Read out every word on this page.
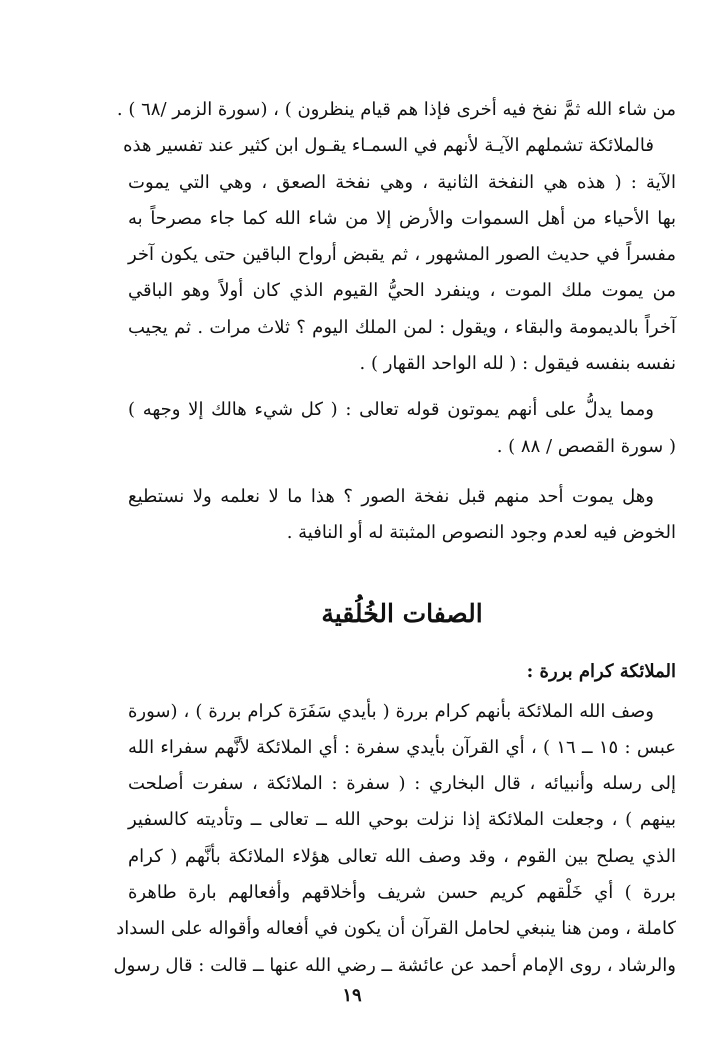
من شاء الله ثمَّ نفخ فيه أخرى فإذا هم قيام ينظرون ) ، (سورة الزمر /٦٨ ) .
فالملائكة تشملهم الآيـة لأنهم في السمـاء يقـول ابن كثير عند تفسير هذه
الآية : ( هذه هي النفخة الثانية ، وهي نفخة الصعق ، وهي التي يموت
بها الأحياء من أهل السموات والأرض إلا من شاء الله كما جاء مصرحاً به
مفسراً في حديث الصور المشهور ، ثم يقبض أرواح الباقين حتى يكون آخر
من يموت ملك الموت ، وينفرد الحيُّ القيوم الذي كان أولاً وهو الباقي
آخراً بالديمومة والبقاء ، ويقول : لمن الملك اليوم ؟ ثلاث مرات . ثم يجيب
نفسه بنفسه فيقول : ( لله الواحد القهار ) .
ومما يدلُّ على أنهم يموتون قوله تعالى : ( كل شيء هالك إلا وجهه )
( سورة القصص / ٨٨ ) .
وهل يموت أحد منهم قبل نفخة الصور ؟ هذا ما لا نعلمه ولا نستطيع
الخوض فيه لعدم وجود النصوص المثبتة له أو النافية .
الصفات الخُلُقية
الملائكة كرام بررة :
وصف الله الملائكة بأنهم كرام بررة ( بأيدي سَفَرَة كرام بررة ) ، (سورة
عبس : ١٥ ــ ١٦ ) ، أي القرآن بأيدي سفرة : أي الملائكة لأنَّهم سفراء الله
إلى رسله وأنبيائه ، قال البخاري : ( سفرة : الملائكة ، سفرت أصلحت
بينهم ) ، وجعلت الملائكة إذا نزلت بوحي الله ــ تعالى ــ وتأديته كالسفير
الذي يصلح بين القوم ، وقد وصف الله تعالى هؤلاء الملائكة بأنَّهم ( كرام
بررة ) أي خَلْقهم كريم حسن شريف وأخلاقهم وأفعالهم بارة طاهرة
كاملة ، ومن هنا ينبغي لحامل القرآن أن يكون في أفعاله وأقواله على السداد
والرشاد ، روى الإمام أحمد عن عائشة ــ رضي الله عنها ــ قالت : قال رسول
١٩
